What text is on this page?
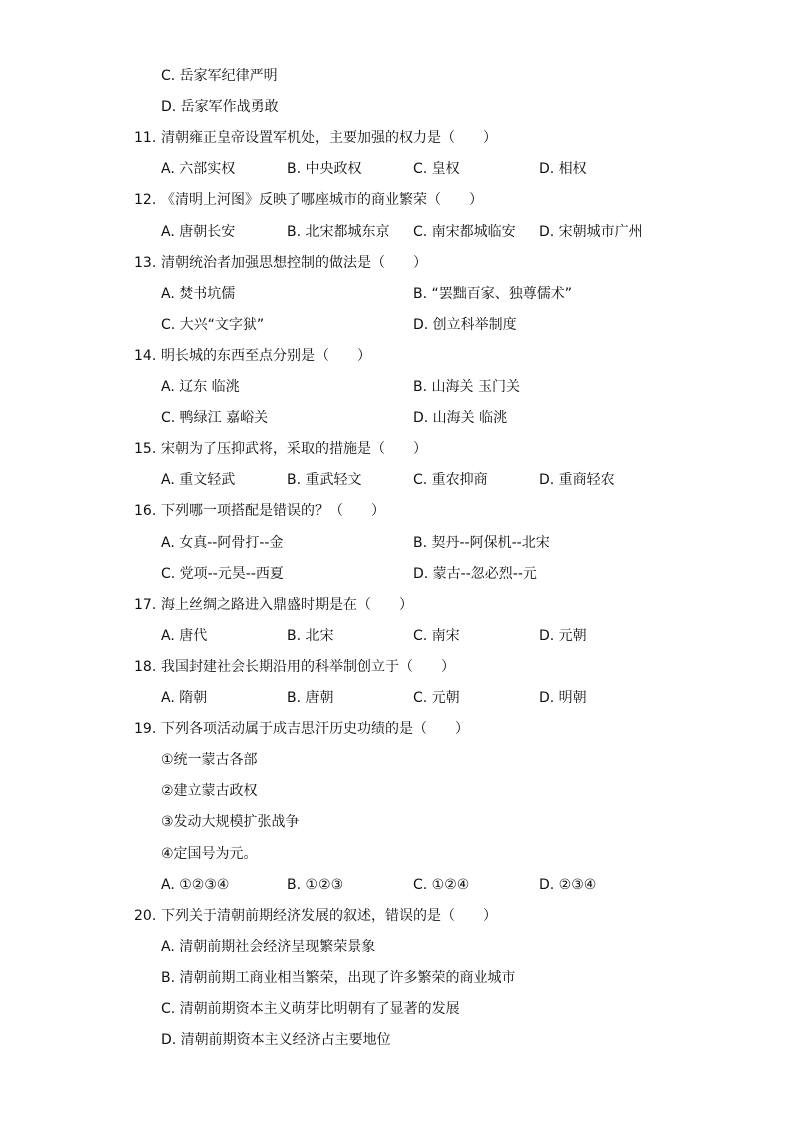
C. 岳家军纪律严明
D. 岳家军作战勇敢
11. 清朝雍正皇帝设置军机处，主要加强的权力是（　　）
A. 六部实权	B. 中央政权	C. 皇权	D. 相权
12. 《清明上河图》反映了哪座城市的商业繁荣（　　）
A. 唐朝长安	B. 北宋都城东京 C. 南宋都城临安 D. 宋朝城市广州
13. 清朝统治者加强思想控制的做法是（　　）
A. 焚书坑儒	B. “罢黜百家、独尊儒术”
C. 大兴“文字狱”	D. 创立科举制度
14. 明长城的东西至点分别是（　　）
A. 辽东 临洮	B. 山海关 玉门关
C. 鸭绿江 嘉峪关	D. 山海关 临洮
15. 宋朝为了压抑武将，采取的措施是（　　）
A. 重文轻武	B. 重武轻文	C. 重农抑商	D. 重商轻农
16. 下列哪一项搭配是错误的？（　　）
A. 女真--阿骨打--金	B. 契丹--阿保机--北宋
C. 党项--元昊--西夏	D. 蒙古--忽必烈--元
17. 海上丝绸之路进入鼎盛时期是在（　　）
A. 唐代	B. 北宋	C. 南宋	D. 元朝
18. 我国封建社会长期沿用的科举制创立于（　　）
A. 隋朝	B. 唐朝	C. 元朝	D. 明朝
19. 下列各项活动属于成吉思汗历史功绩的是（　　）
①统一蒙古各部
②建立蒙古政权
③发动大规模扩张战争
④定国号为元。
A. ①②③④	B. ①②③	C. ①②④	D. ②③④
20. 下列关于清朝前期经济发展的叙述，错误的是（　　）
A. 清朝前期社会经济呈现繁荣景象
B. 清朝前期工商业相当繁荣，出现了许多繁荣的商业城市
C. 清朝前期资本主义萌芽比明朝有了显著的发展
D. 清朝前期资本主义经济占主要地位
